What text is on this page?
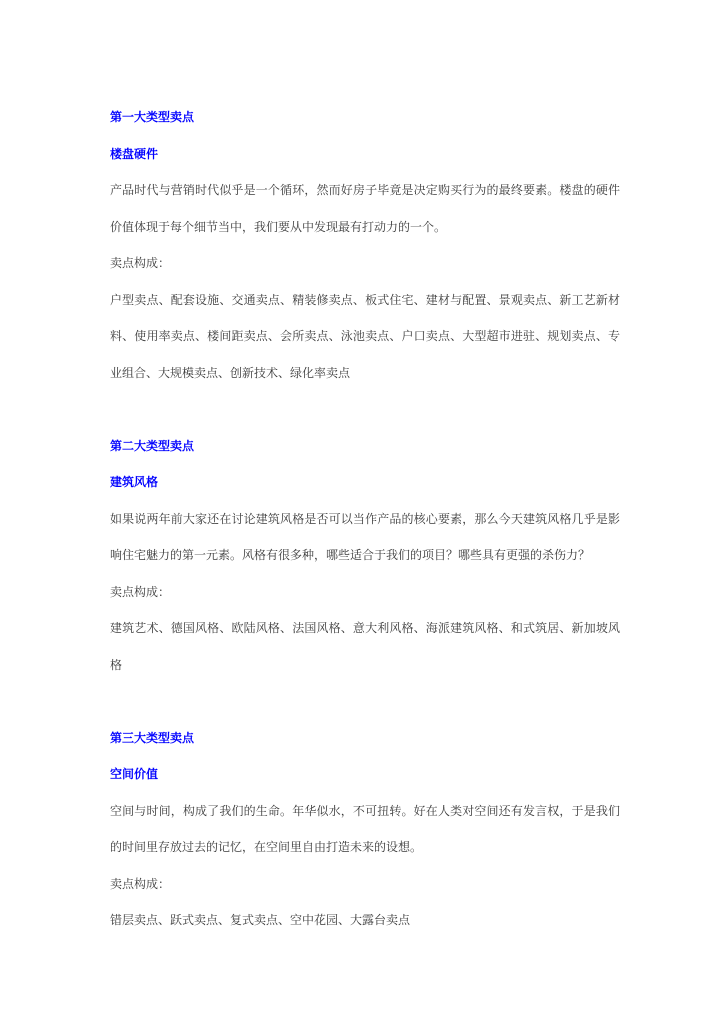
第一大类型卖点
楼盘硬件
产品时代与营销时代似乎是一个循环，然而好房子毕竟是决定购买行为的最终要素。楼盘的硬件
价值体现于每个细节当中，我们要从中发现最有打动力的一个。
卖点构成：
户型卖点、配套设施、交通卖点、精装修卖点、板式住宅、建材与配置、景观卖点、新工艺新材
料、使用率卖点、楼间距卖点、会所卖点、泳池卖点、户口卖点、大型超市进驻、规划卖点、专
业组合、大规模卖点、创新技术、绿化率卖点
第二大类型卖点
建筑风格
如果说两年前大家还在讨论建筑风格是否可以当作产品的核心要素，那么今天建筑风格几乎是影
响住宅魅力的第一元素。风格有很多种，哪些适合于我们的项目？哪些具有更强的杀伤力？
卖点构成：
建筑艺术、德国风格、欧陆风格、法国风格、意大利风格、海派建筑风格、和式筑居、新加坡风
格
第三大类型卖点
空间价值
空间与时间，构成了我们的生命。年华似水，不可扭转。好在人类对空间还有发言权，于是我们
的时间里存放过去的记忆，在空间里自由打造未来的设想。
卖点构成：
错层卖点、跃式卖点、复式卖点、空中花园、大露台卖点
